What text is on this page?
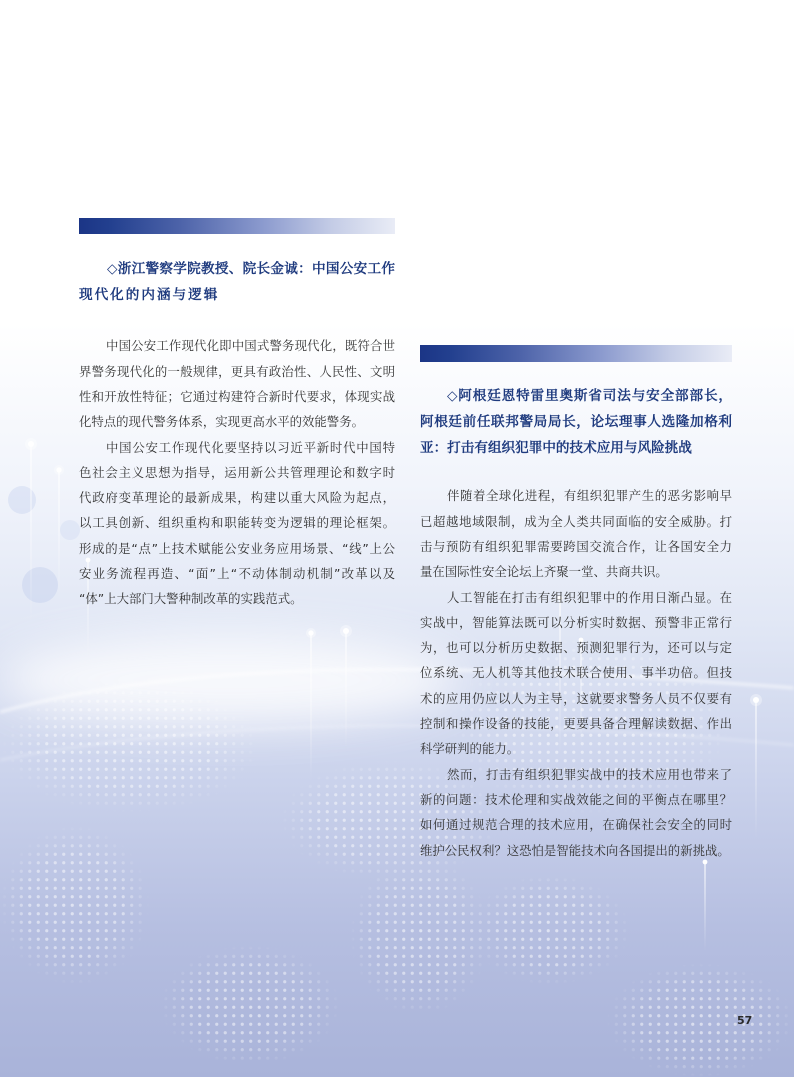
◇浙江警察学院教授、院长金诚：中国公安工作
现代化的内涵与逻辑
中国公安工作现代化即中国式警务现代化，既符合世
界警务现代化的一般规律，更具有政治性、人民性、文明
性和开放性特征；它通过构建符合新时代要求，体现实战
化特点的现代警务体系，实现更高水平的效能警务。
中国公安工作现代化要坚持以习近平新时代中国特
色社会主义思想为指导，运用新公共管理理论和数字时
代政府变革理论的最新成果，构建以重大风险为起点，
以工具创新、组织重构和职能转变为逻辑的理论框架。
形成的是“点”上技术赋能公安业务应用场景、“线”上公
安业务流程再造、“面”上“不动体制动机制”改革以及
“体”上大部门大警种制改革的实践范式。
◇阿根廷恩特雷里奥斯省司法与安全部部长，
阿根廷前任联邦警局局长，论坛理事人选隆加格利
亚：打击有组织犯罪中的技术应用与风险挑战
伴随着全球化进程，有组织犯罪产生的恶劣影响早
已超越地域限制，成为全人类共同面临的安全威胁。打
击与预防有组织犯罪需要跨国交流合作，让各国安全力
量在国际性安全论坛上齐聚一堂、共商共识。
人工智能在打击有组织犯罪中的作用日渐凸显。在
实战中，智能算法既可以分析实时数据、预警非正常行
为，也可以分析历史数据、预测犯罪行为，还可以与定
位系统、无人机等其他技术联合使用、事半功倍。但技
术的应用仍应以人为主导，这就要求警务人员不仅要有
控制和操作设备的技能，更要具备合理解读数据、作出
科学研判的能力。
然而，打击有组织犯罪实战中的技术应用也带来了
新的问题：技术伦理和实战效能之间的平衡点在哪里？
如何通过规范合理的技术应用，在确保社会安全的同时
维护公民权利？这恐怕是智能技术向各国提出的新挑战。
57
